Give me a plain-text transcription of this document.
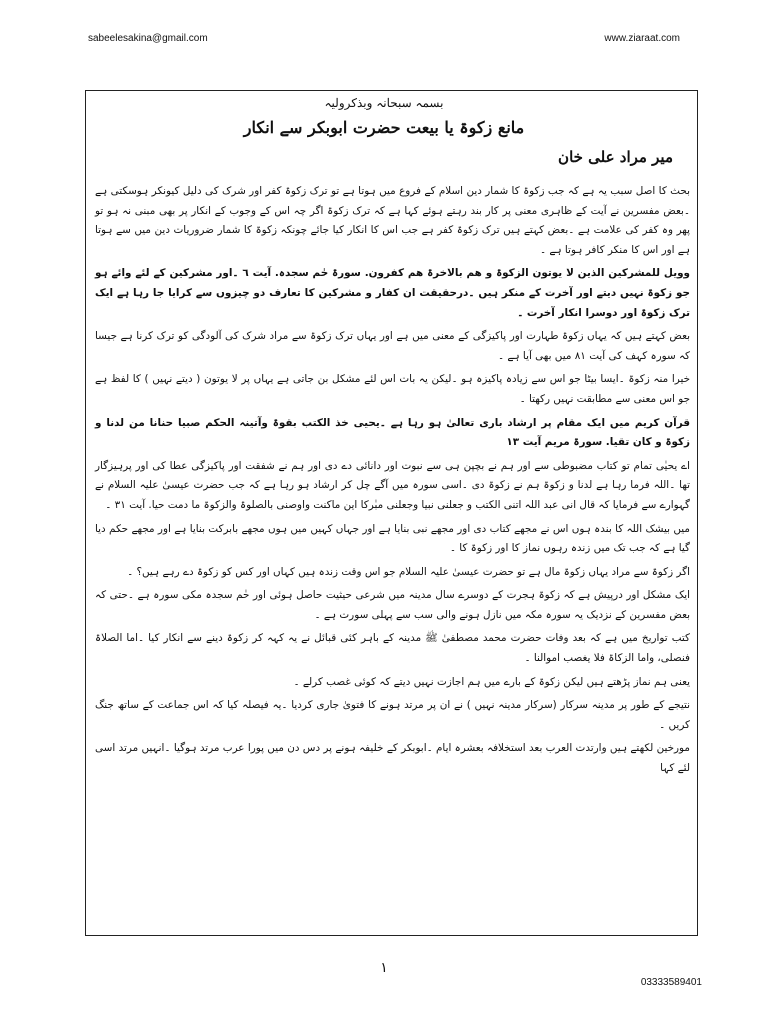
sabeelesakina@gmail.com	www.ziaraat.com
بسمہ سبحانہ وبذکرولیہ
مانع زکوۃ یا بیعت حضرت ابوبکر سے انکار
میر مراد علی خان

بحث کا اصل سبب یہ ہے کہ جب زکوۃ کا شمار دین اسلام کے فروع میں ہوتا ہے تو ترک زکوۃ کفر اور شرک کی دلیل کیونکر ہوسکتی ہے ۔بعض مفسرین نے آیت کے ظاہری معنی پر کار بند رہتے ہوئے کہا ہے کہ ترک زکوۃ اگر چہ اس کے وجوب کے انکار پر بھی مبنی نہ ہو تو پھر وہ کفر کی علامت ہے ۔بعض کہتے ہیں ترک زکوۃ کفر ہے جب اس کا انکار کیا جائے چونکہ زکوۃ کا شمار ضروریات دین میں سے ہوتا ہے اور اس کا منکر کافر ہوتا ہے ۔

وویل للمشرکین الذین لا یوتون الزکوۃ و ھم بالاخرۃ ھم کفرون. سورۃ حٰم سجدہ. آیت ٦ ۔اور مشرکین کے لئے وائے ہو جو زکوۃ نہیں دیتے اور آخرت کے منکر ہیں ۔درحقیقت ان کفار و مشرکین کا تعارف دو چیزوں سے کرایا جا رہا ہے ایک ترک زکوۃ اور دوسرا انکار آخرت ۔

بعض کہتے ہیں کہ یہاں زکوۃ طہارت اور پاکیزگی کے معنی میں ہے اور یہاں ترک زکوۃ سے مراد شرک کی آلودگی کو ترک کرنا ہے جیسا کہ سورہ کہف کی آیت ٨١ میں بھی آیا ہے ۔

خیرا منہ زکوۃ ۔ایسا بیٹا جو اس سے زیادہ پاکیزہ ہو ۔لیکن یہ بات اس لئے مشکل بن جاتی ہے یہاں پر لا یوتون ( دیتے نہیں ) کا لفظ ہے جو اس معنی سے مطابقت نہیں رکھتا ۔

قرآن کریم میں ایک مقام پر ارشاد باری تعالیٰ ہو رہا ہے ۔یحیی خذ الکتب بقوۃ وآتینہ الحکم صبیا حنانا من لدنا و زکوۃ و کان تقیا. سورۃ مریم آیت ١٣

اے یحیٰی تمام تو کتاب مضبوطی سے اور ہم نے بچپن ہی سے نبوت اور دانائی دے دی اور ہم نے شفقت اور پاکیزگی عطا کی اور پرہیزگار تھا ۔اللہ فرما رہا ہے لدنا و زکوۃ ہم نے زکوۃ دی ۔اسی سورہ میں آگے چل کر ارشاد ہو رہا ہے کہ جب حضرت عیسیٰ علیہ السلام نے گہوارے سے فرمایا کہ قال انی عبد اللہ اتنی الکتب و جعلنی نبیا وجعلنی مبٰرکا این ماکنت واوصنی بالصلوۃ والزکوۃ ما دمت حیا. آیت ٣١ ۔

میں بیشک اللہ کا بندہ ہوں اس نے مجھے کتاب دی اور مجھے نبی بنایا ہے اور جہاں کہیں میں ہوں مجھے بابرکت بنایا ہے اور مجھے حکم دیا گیا ہے کہ جب تک میں زندہ رہوں نماز کا اور زکوۃ کا ۔

اگر زکوۃ سے مراد یہاں زکوۃ مال ہے تو حضرت عیسیٰ علیہ السلام جو اس وقت زندہ ہیں کہاں اور کس کو زکوۃ دے رہے ہیں؟ ۔

ایک مشکل اور درپیش ہے کہ زکوۃ ہجرت کے دوسرے سال مدینہ میں شرعی حیثیت حاصل ہوئی اور حٰم سجدہ مکی سورہ ہے ۔حتی کہ بعض مفسرین کے نزدیک یہ سورہ مکہ میں نازل ہونے والی سب سے پہلی سورت ہے ۔

کتب تواریخ میں ہے کہ بعد وفات حضرت محمد مصطفیٰ ﷺ مدینہ کے باہر کئی قبائل نے یہ کہہ کر زکوۃ دینے سے انکار کیا ۔اما الصلاۃ فنصلی، واما الزکاۃ فلا یغصب اموالنا ۔

یعنی ہم نماز پڑھتے ہیں لیکن زکوۃ کے بارے میں ہم اجازت نہیں دیتے کہ کوئی غصب کرلے ۔

نتیجے کے طور پر مدینہ سرکار (سرکار مدینہ نہیں ) نے ان پر مرتد ہونے کا فتویٰ جاری کردیا ۔یہ فیصلہ کیا کہ اس جماعت کے ساتھ جنگ کریں ۔

مورخین لکھتے ہیں وارتدت العرب بعد استخلافہ بعشرہ ایام ۔ابوبکر کے خلیفہ ہونے پر دس دن میں پورا عرب مرتد ہوگیا ۔انہیں مرتد اسی لئے کہا

١
03333589401
